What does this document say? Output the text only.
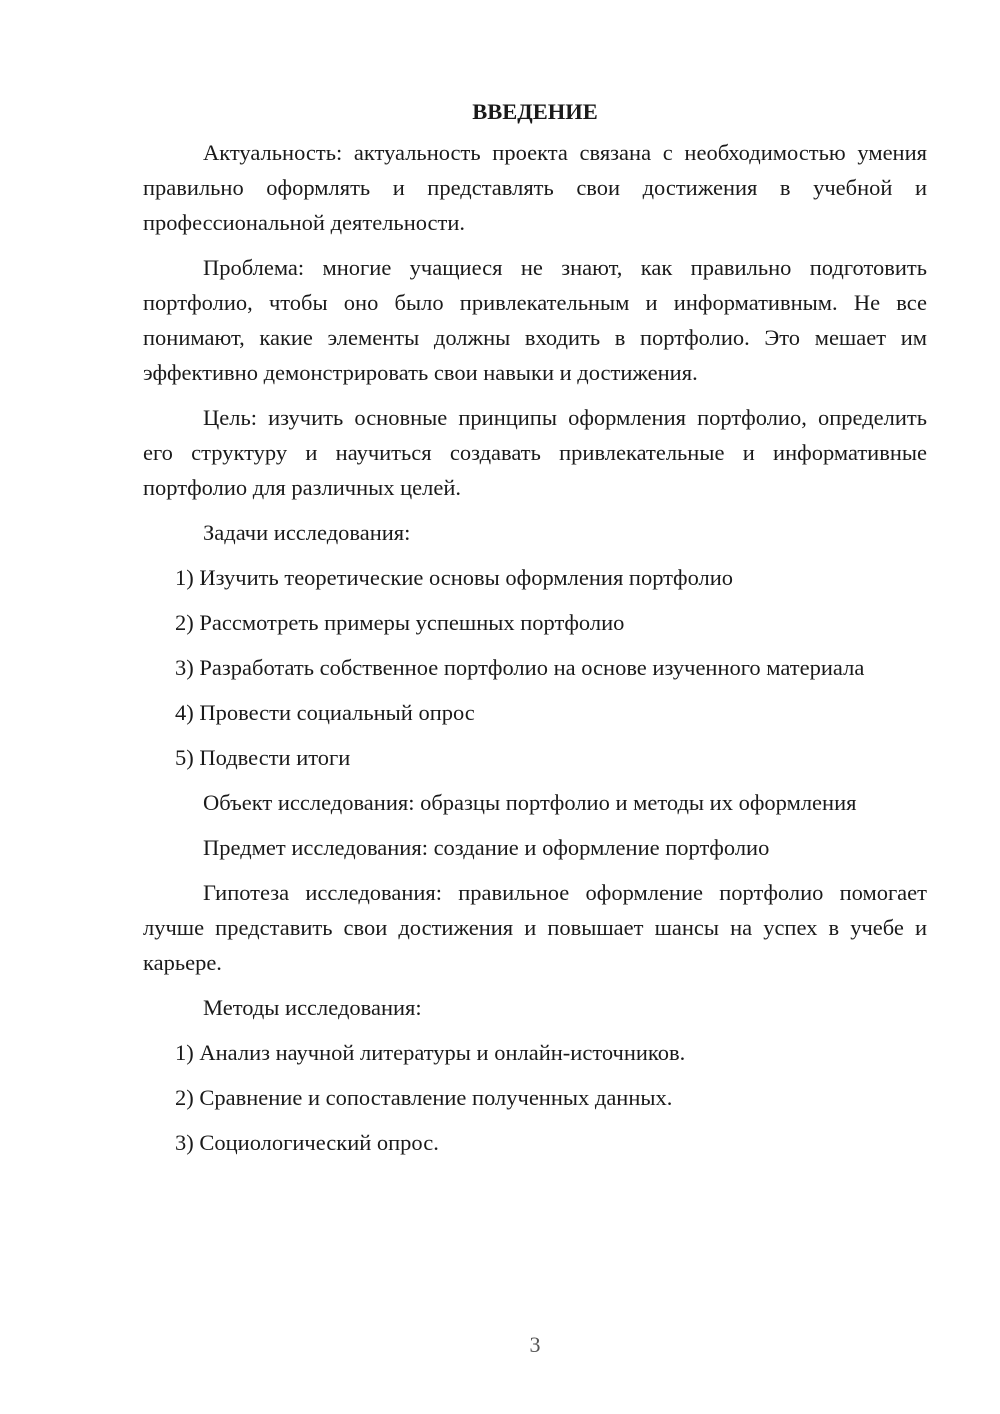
ВВЕДЕНИЕ

Актуальность: актуальность проекта связана с необходимостью умения правильно оформлять и представлять свои достижения в учебной и профессиональной деятельности.

Проблема: многие учащиеся не знают, как правильно подготовить портфолио, чтобы оно было привлекательным и информативным. Не все понимают, какие элементы должны входить в портфолио. Это мешает им эффективно демонстрировать свои навыки и достижения.

Цель: изучить основные принципы оформления портфолио, определить его структуру и научиться создавать привлекательные и информативные портфолио для различных целей.

Задачи исследования:

1) Изучить теоретические основы оформления портфолио

2) Рассмотреть примеры успешных портфолио

3) Разработать собственное портфолио на основе изученного материала

4) Провести социальный опрос

5) Подвести итоги

Объект исследования: образцы портфолио и методы их оформления

Предмет исследования: создание и оформление портфолио

Гипотеза исследования: правильное оформление портфолио помогает лучше представить свои достижения и повышает шансы на успех в учебе и карьере.

Методы исследования:

1) Анализ научной литературы и онлайн-источников.

2) Сравнение и сопоставление полученных данных.

3) Социологический опрос.

3
